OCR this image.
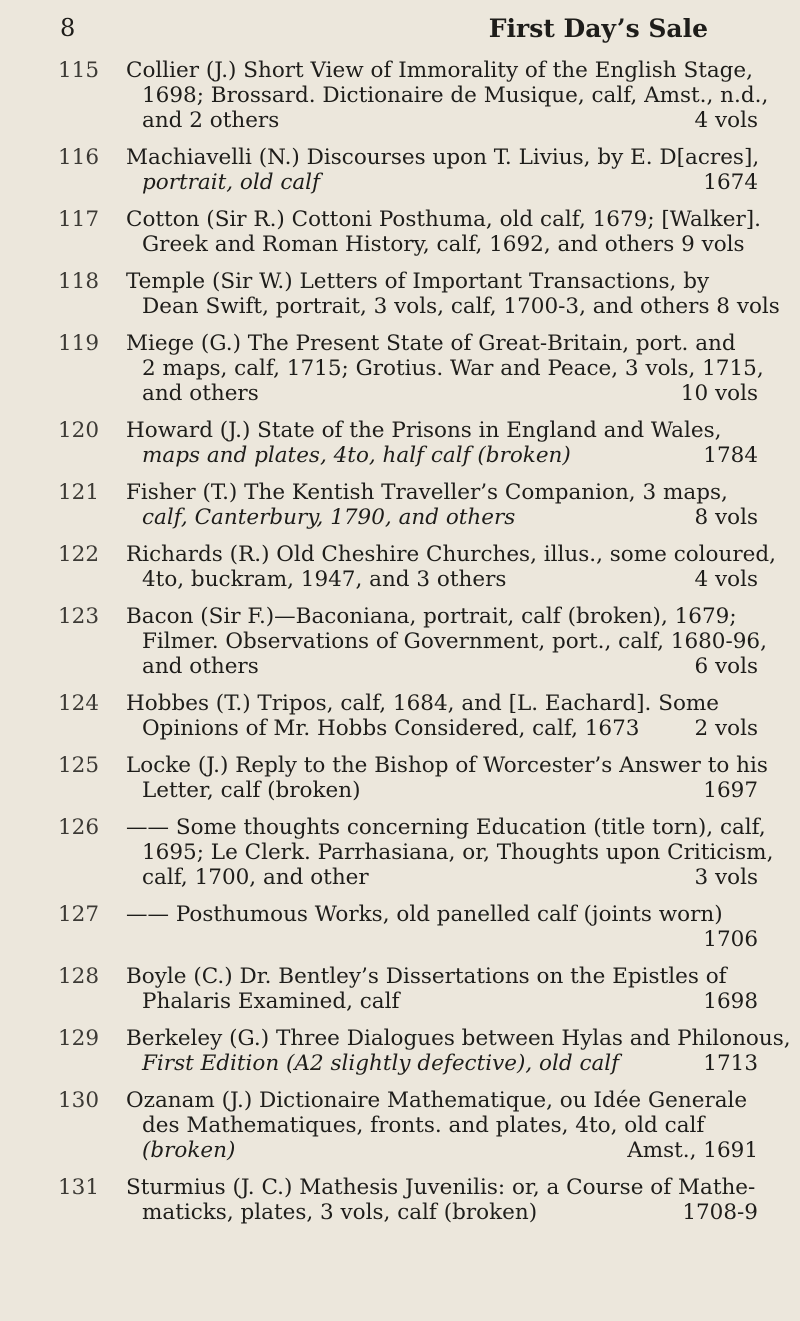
8	First Day’s Sale
115	Collier (J.) Short View of Immorality of the English Stage,
1698; Brossard. Dictionaire de Musique, calf, Amst., n.d.,
and 2 others	4 vols
116	Machiavelli (N.) Discourses upon T. Livius, by E. D[acres],
portrait, old calf	1674
117	Cotton (Sir R.) Cottoni Posthuma, old calf, 1679; [Walker].
Greek and Roman History, calf, 1692, and others 9 vols
118	Temple (Sir W.) Letters of Important Transactions, by
Dean Swift, portrait, 3 vols, calf, 1700-3, and others 8 vols
119	Miege (G.) The Present State of Great-Britain, port. and
2 maps, calf, 1715; Grotius. War and Peace, 3 vols, 1715,
and others	10 vols
120	Howard (J.) State of the Prisons in England and Wales,
maps and plates, 4to, half calf (broken)	1784
121	Fisher (T.) The Kentish Traveller’s Companion, 3 maps,
calf, Canterbury, 1790, and others	8 vols
122	Richards (R.) Old Cheshire Churches, illus., some coloured,
4to, buckram, 1947, and 3 others	4 vols
123	Bacon (Sir F.)—Baconiana, portrait, calf (broken), 1679;
Filmer. Observations of Government, port., calf, 1680-96,
and others	6 vols
124	Hobbes (T.) Tripos, calf, 1684, and [L. Eachard]. Some
Opinions of Mr. Hobbs Considered, calf, 1673	2 vols
125	Locke (J.) Reply to the Bishop of Worcester’s Answer to his
Letter, calf (broken)	1697
126	—— Some thoughts concerning Education (title torn), calf,
1695; Le Clerk. Parrhasiana, or, Thoughts upon Criticism,
calf, 1700, and other	3 vols
127	—— Posthumous Works, old panelled calf (joints worn)
1706
128	Boyle (C.) Dr. Bentley’s Dissertations on the Epistles of
Phalaris Examined, calf	1698
129	Berkeley (G.) Three Dialogues between Hylas and Philonous,
First Edition (A2 slightly defective), old calf	1713
130	Ozanam (J.) Dictionaire Mathematique, ou Idée Generale
des Mathematiques, fronts. and plates, 4to, old calf
(broken)	Amst., 1691
131	Sturmius (J. C.) Mathesis Juvenilis: or, a Course of Mathe-
maticks, plates, 3 vols, calf (broken)	1708-9
